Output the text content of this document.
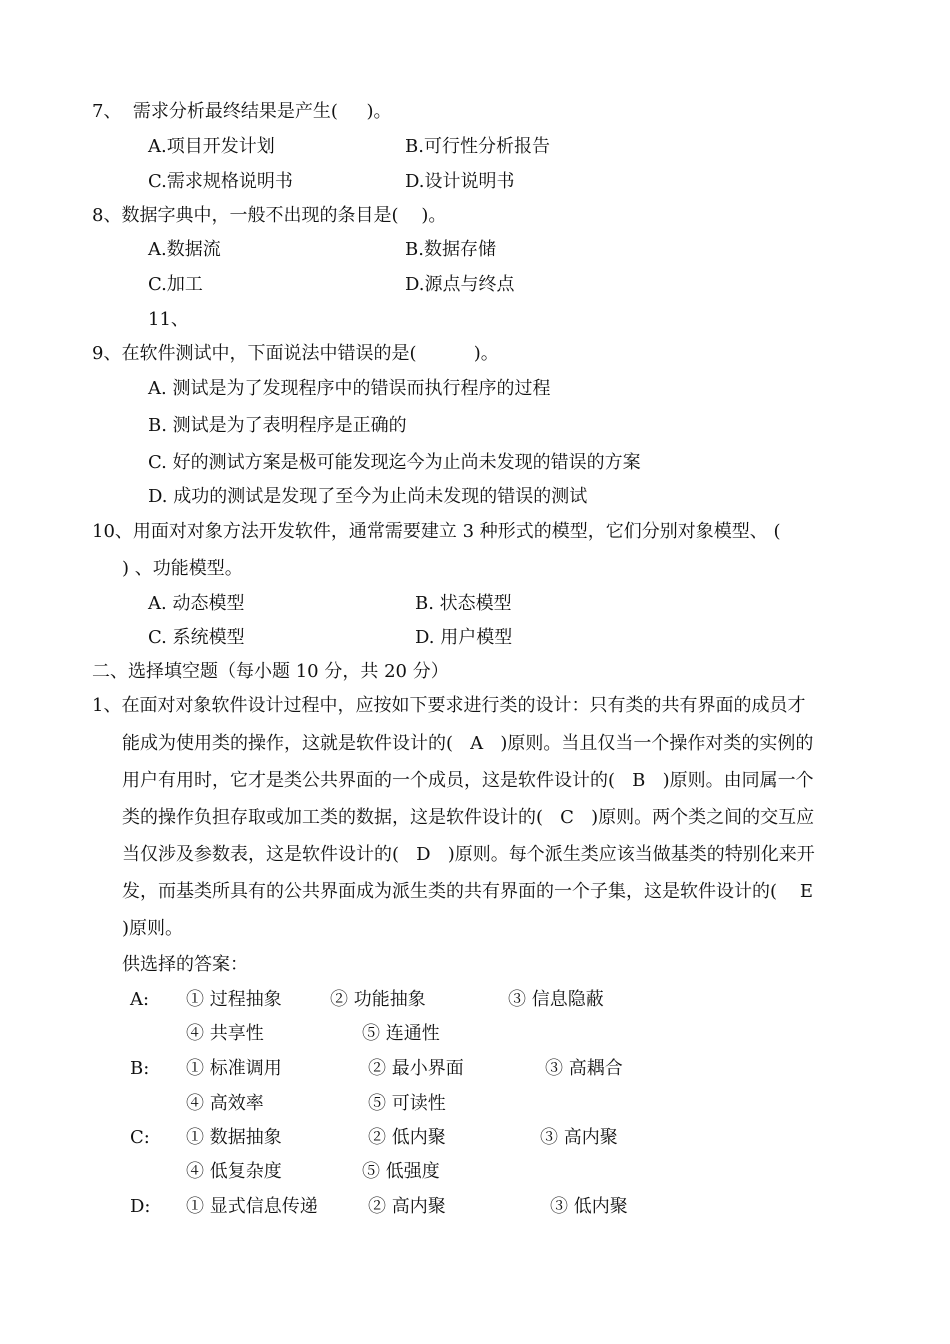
7、  需求分析最终结果是产生(     )。
A.项目开发计划	B.可行性分析报告
C.需求规格说明书	D.设计说明书
8、数据字典中，一般不出现的条目是(    )。
A.数据流	B.数据存储
C.加工	D.源点与终点
11、
9、在软件测试中，下面说法中错误的是(          )。
A. 测试是为了发现程序中的错误而执行程序的过程
B. 测试是为了表明程序是正确的
C. 好的测试方案是极可能发现迄今为止尚未发现的错误的方案
D. 成功的测试是发现了至今为止尚未发现的错误的测试
10、用面对对象方法开发软件，通常需要建立 3 种形式的模型，它们分别对象模型、 (
) 、功能模型。
A. 动态模型	B. 状态模型
C. 系统模型	D. 用户模型
二、选择填空题（每小题 10 分，共 20 分）
1、在面对对象软件设计过程中，应按如下要求进行类的设计：只有类的共有界面的成员才
能成为使用类的操作，这就是软件设计的(   A   )原则。当且仅当一个操作对类的实例的
用户有用时，它才是类公共界面的一个成员，这是软件设计的(   B   )原则。由同属一个
类的操作负担存取或加工类的数据，这是软件设计的(   C   )原则。两个类之间的交互应
当仅涉及参数表，这是软件设计的(   D   )原则。每个派生类应该当做基类的特别化来开
发，而基类所具有的公共界面成为派生类的共有界面的一个子集，这是软件设计的(    E
)原则。
供选择的答案：
A: ① 过程抽象	② 功能抽象	③ 信息隐蔽
④ 共享性	⑤ 连通性
B: ① 标准调用	② 最小界面	③ 高耦合
④ 高效率	⑤ 可读性
C: ① 数据抽象	② 低内聚	③ 高内聚
④ 低复杂度	⑤ 低强度
D: ① 显式信息传递	② 高内聚	③ 低内聚
